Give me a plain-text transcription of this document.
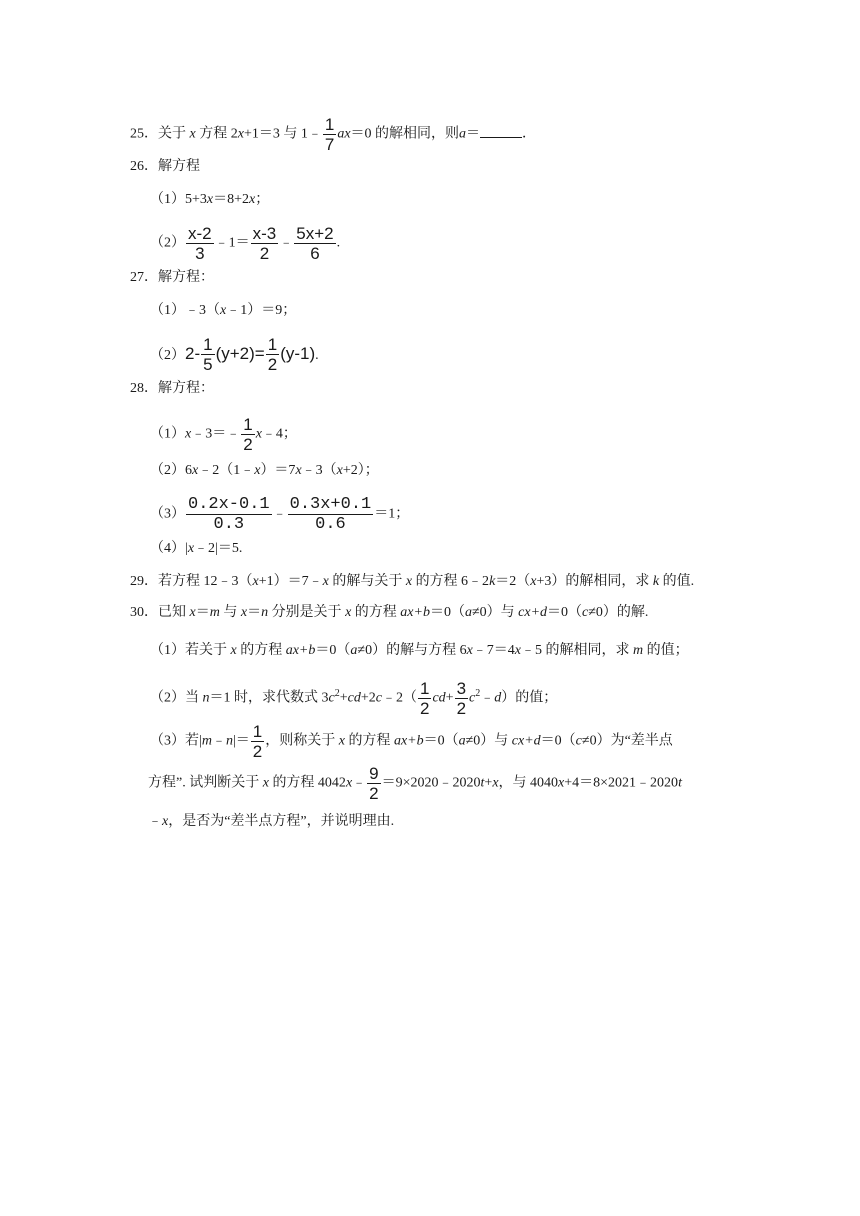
25．关于 x 方程 2x+1＝3 与 1﹣ $\frac{1}{7} ax=0$ 的解相同，则a＝	．
26．解方程
（1）5+3x＝8+2x；
$(2) \frac{x-2}{3}$ ﹣1＝ $\frac{x-3}{2}$ ﹣ $\frac{5x+2}{6}$ .
27．解方程：
（1）﹣3（x﹣1）＝9；
$(2)2- \frac{1}{5} (y+2)= \frac{1}{2} (y-1)$.
28．解方程：
（1）x﹣3＝﹣ $\frac{1}{2}$ x﹣4；
（2）6x﹣2（1﹣x）＝7x﹣3（x+2）；
$(3) \frac{0.2x-0.1}{0.3}$ ﹣ $\frac{0.3x+0.1}{0.6} =1$；
（4）|x﹣2|＝5.
29．若方程 12﹣3（x+1）＝7﹣x 的解与关于 x 的方程 6﹣2k＝2（x+3）的解相同，求 k 的值.
30．已知 x＝m 与 x＝n 分别是关于 x 的方程 ax+b＝0（a≠0）与 cx+d＝0（c≠0）的解.
（1）若关于 x 的方程 ax+b＝0（a≠0）的解与方程 6x﹣7＝4x﹣5 的解相同，求 m 的值；
（2）当 n＝1 时，求代数式 $3c^2+cd+2c﹣2( \frac{1}{2} cd+ \frac{3}{2}$ $c^2﹣d$）的值；
（3）若|m﹣n|＝ $\frac{1}{2}$ ，则称关于 x 的方程 ax+b＝0（a≠0）与 cx+d＝0（c≠0）为“差半点
方程”. 试判断关于 x 的方程 4042x﹣ $\frac{9}{2}$ ＝9×2020﹣2020t+x，与 4040x+4＝8×2021﹣2020t
﹣x，是否为“差半点方程”，并说明理由.
